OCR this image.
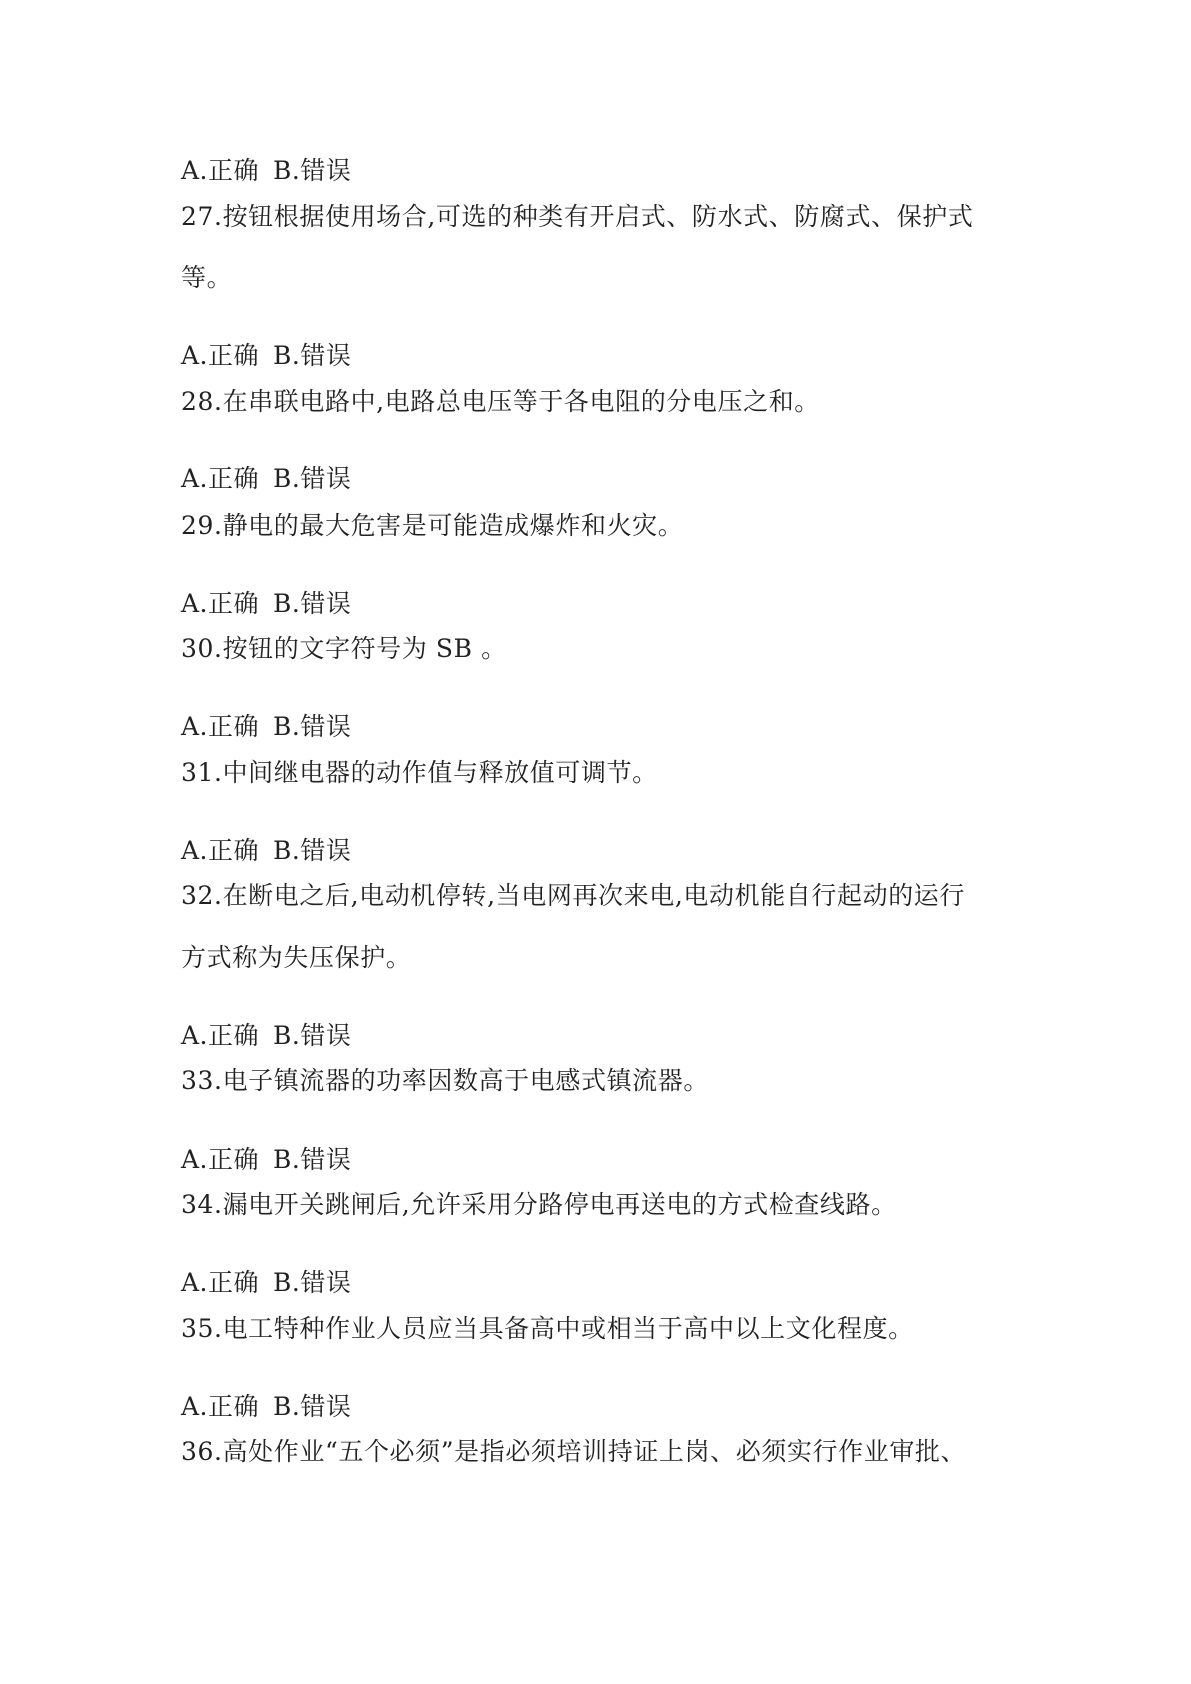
A.正确 B.错误
27.按钮根据使用场合,可选的种类有开启式、防水式、防腐式、保护式
等。
A.正确 B.错误
28.在串联电路中,电路总电压等于各电阻的分电压之和。
A.正确 B.错误
29.静电的最大危害是可能造成爆炸和火灾。
A.正确 B.错误
30.按钮的文字符号为 SB 。
A.正确 B.错误
31.中间继电器的动作值与释放值可调节。
A.正确 B.错误
32.在断电之后,电动机停转,当电网再次来电,电动机能自行起动的运行
方式称为失压保护。
A.正确 B.错误
33.电子镇流器的功率因数高于电感式镇流器。
A.正确 B.错误
34.漏电开关跳闸后,允许采用分路停电再送电的方式检查线路。
A.正确 B.错误
35.电工特种作业人员应当具备高中或相当于高中以上文化程度。
A.正确 B.错误
36.高处作业“五个必须”是指必须培训持证上岗、必须实行作业审批、
